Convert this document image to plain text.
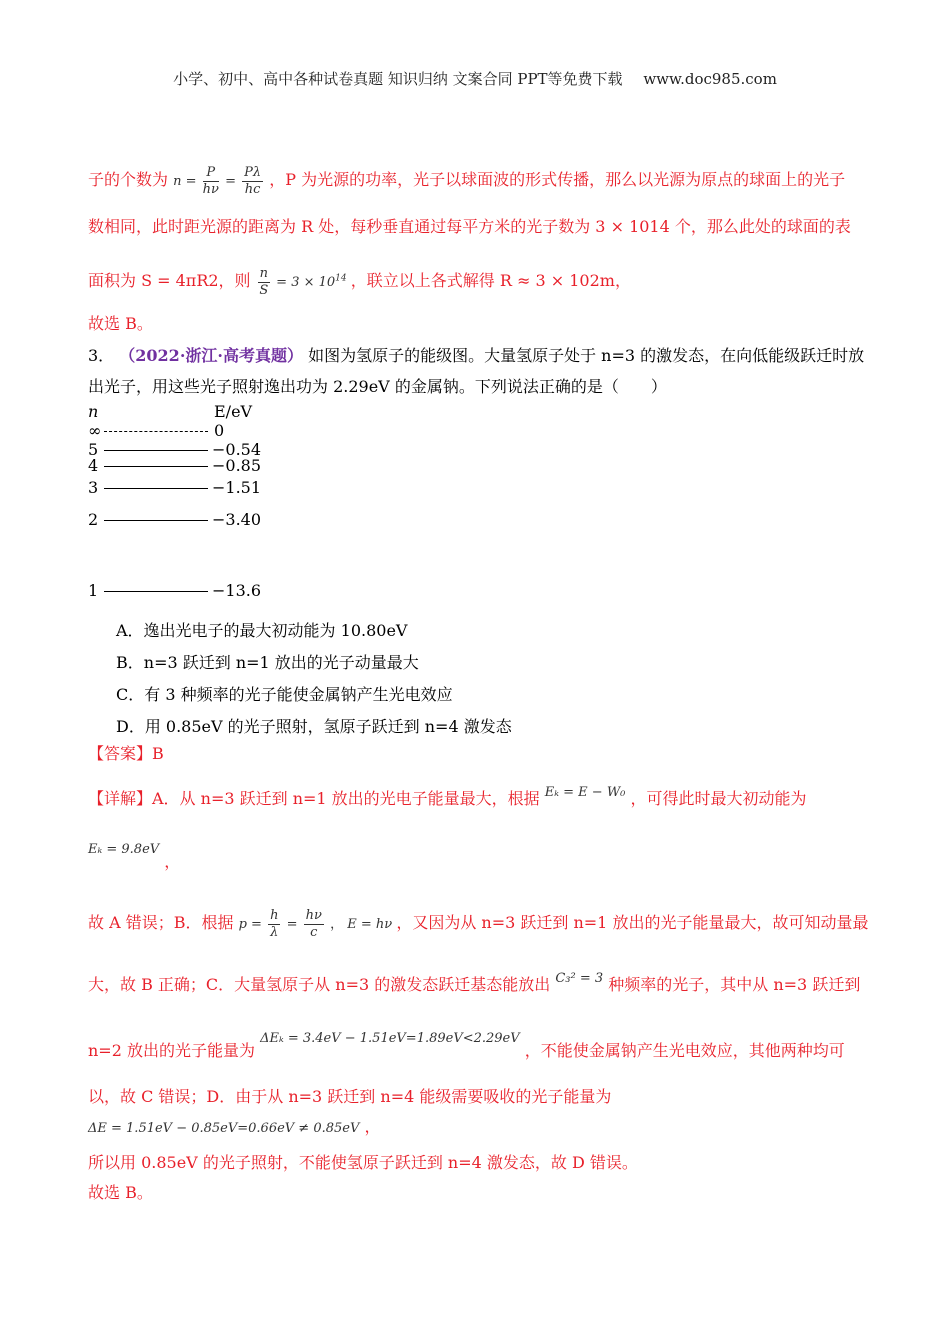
小学、初中、高中各种试卷真题 知识归纳 文案合同 PPT等免费下载 www.doc985.com
子的个数为 $n = \frac{P}{h\nu} = \frac{P\lambda}{hc}$ ，P 为光源的功率，光子以球面波的形式传播，那么以光源为原点的球面上的光子
数相同，此时距光源的距离为 R 处，每秒垂直通过每平方米的光子数为 3 × 1014 个，那么此处的球面的表
面积为 S = 4πR2，则 $\frac{n}{S} = 3 \times 10^{14}$ ，联立以上各式解得 R ≈ 3 × 102m，
故选 B。
3． （2022·浙江·高考真题） 如图为氢原子的能级图。大量氢原子处于 n=3 的激发态，在向低能级跃迁时放
出光子，用这些光子照射逸出功为 2.29eV 的金属钠。下列说法正确的是（　　）
n	E/eV
∞	0
5	−0.54
4	−0.85
3	−1.51
2	−3.40
1	−13.6
A．逸出光电子的最大初动能为 10.80eV
B．n=3 跃迁到 n=1 放出的光子动量最大
C．有 3 种频率的光子能使金属钠产生光电效应
D．用 0.85eV 的光子照射，氢原子跃迁到 n=4 激发态
【答案】B
【详解】A．从 n=3 跃迁到 n=1 放出的光电子能量最大，根据 $^{E_k = E - W_0}$ ，可得此时最大初动能为
$^{E_k = 9.8eV}$ ，
故 A 错误；B．根据 $p = \frac{h}{\lambda} = \frac{h\nu}{c}$ ， E = hν ，又因为从 n=3 跃迁到 n=1 放出的光子能量最大，故可知动量最
大，故 B 正确；C．大量氢原子从 n=3 的激发态跃迁基态能放出 $^{C_3^2 = 3}$ 种频率的光子，其中从 n=3 跃迁到
n=2 放出的光子能量为 $^{\Delta E_k = 3.4eV - 1.51eV=1.89eV<2.29eV}$ ，不能使金属钠产生光电效应，其他两种均可
以，故 C 错误；D．由于从 n=3 跃迁到 n=4 能级需要吸收的光子能量为
ΔE = 1.51eV − 0.85eV=0.66eV ≠ 0.85eV ，
所以用 0.85eV 的光子照射，不能使氢原子跃迁到 n=4 激发态，故 D 错误。
故选 B。
